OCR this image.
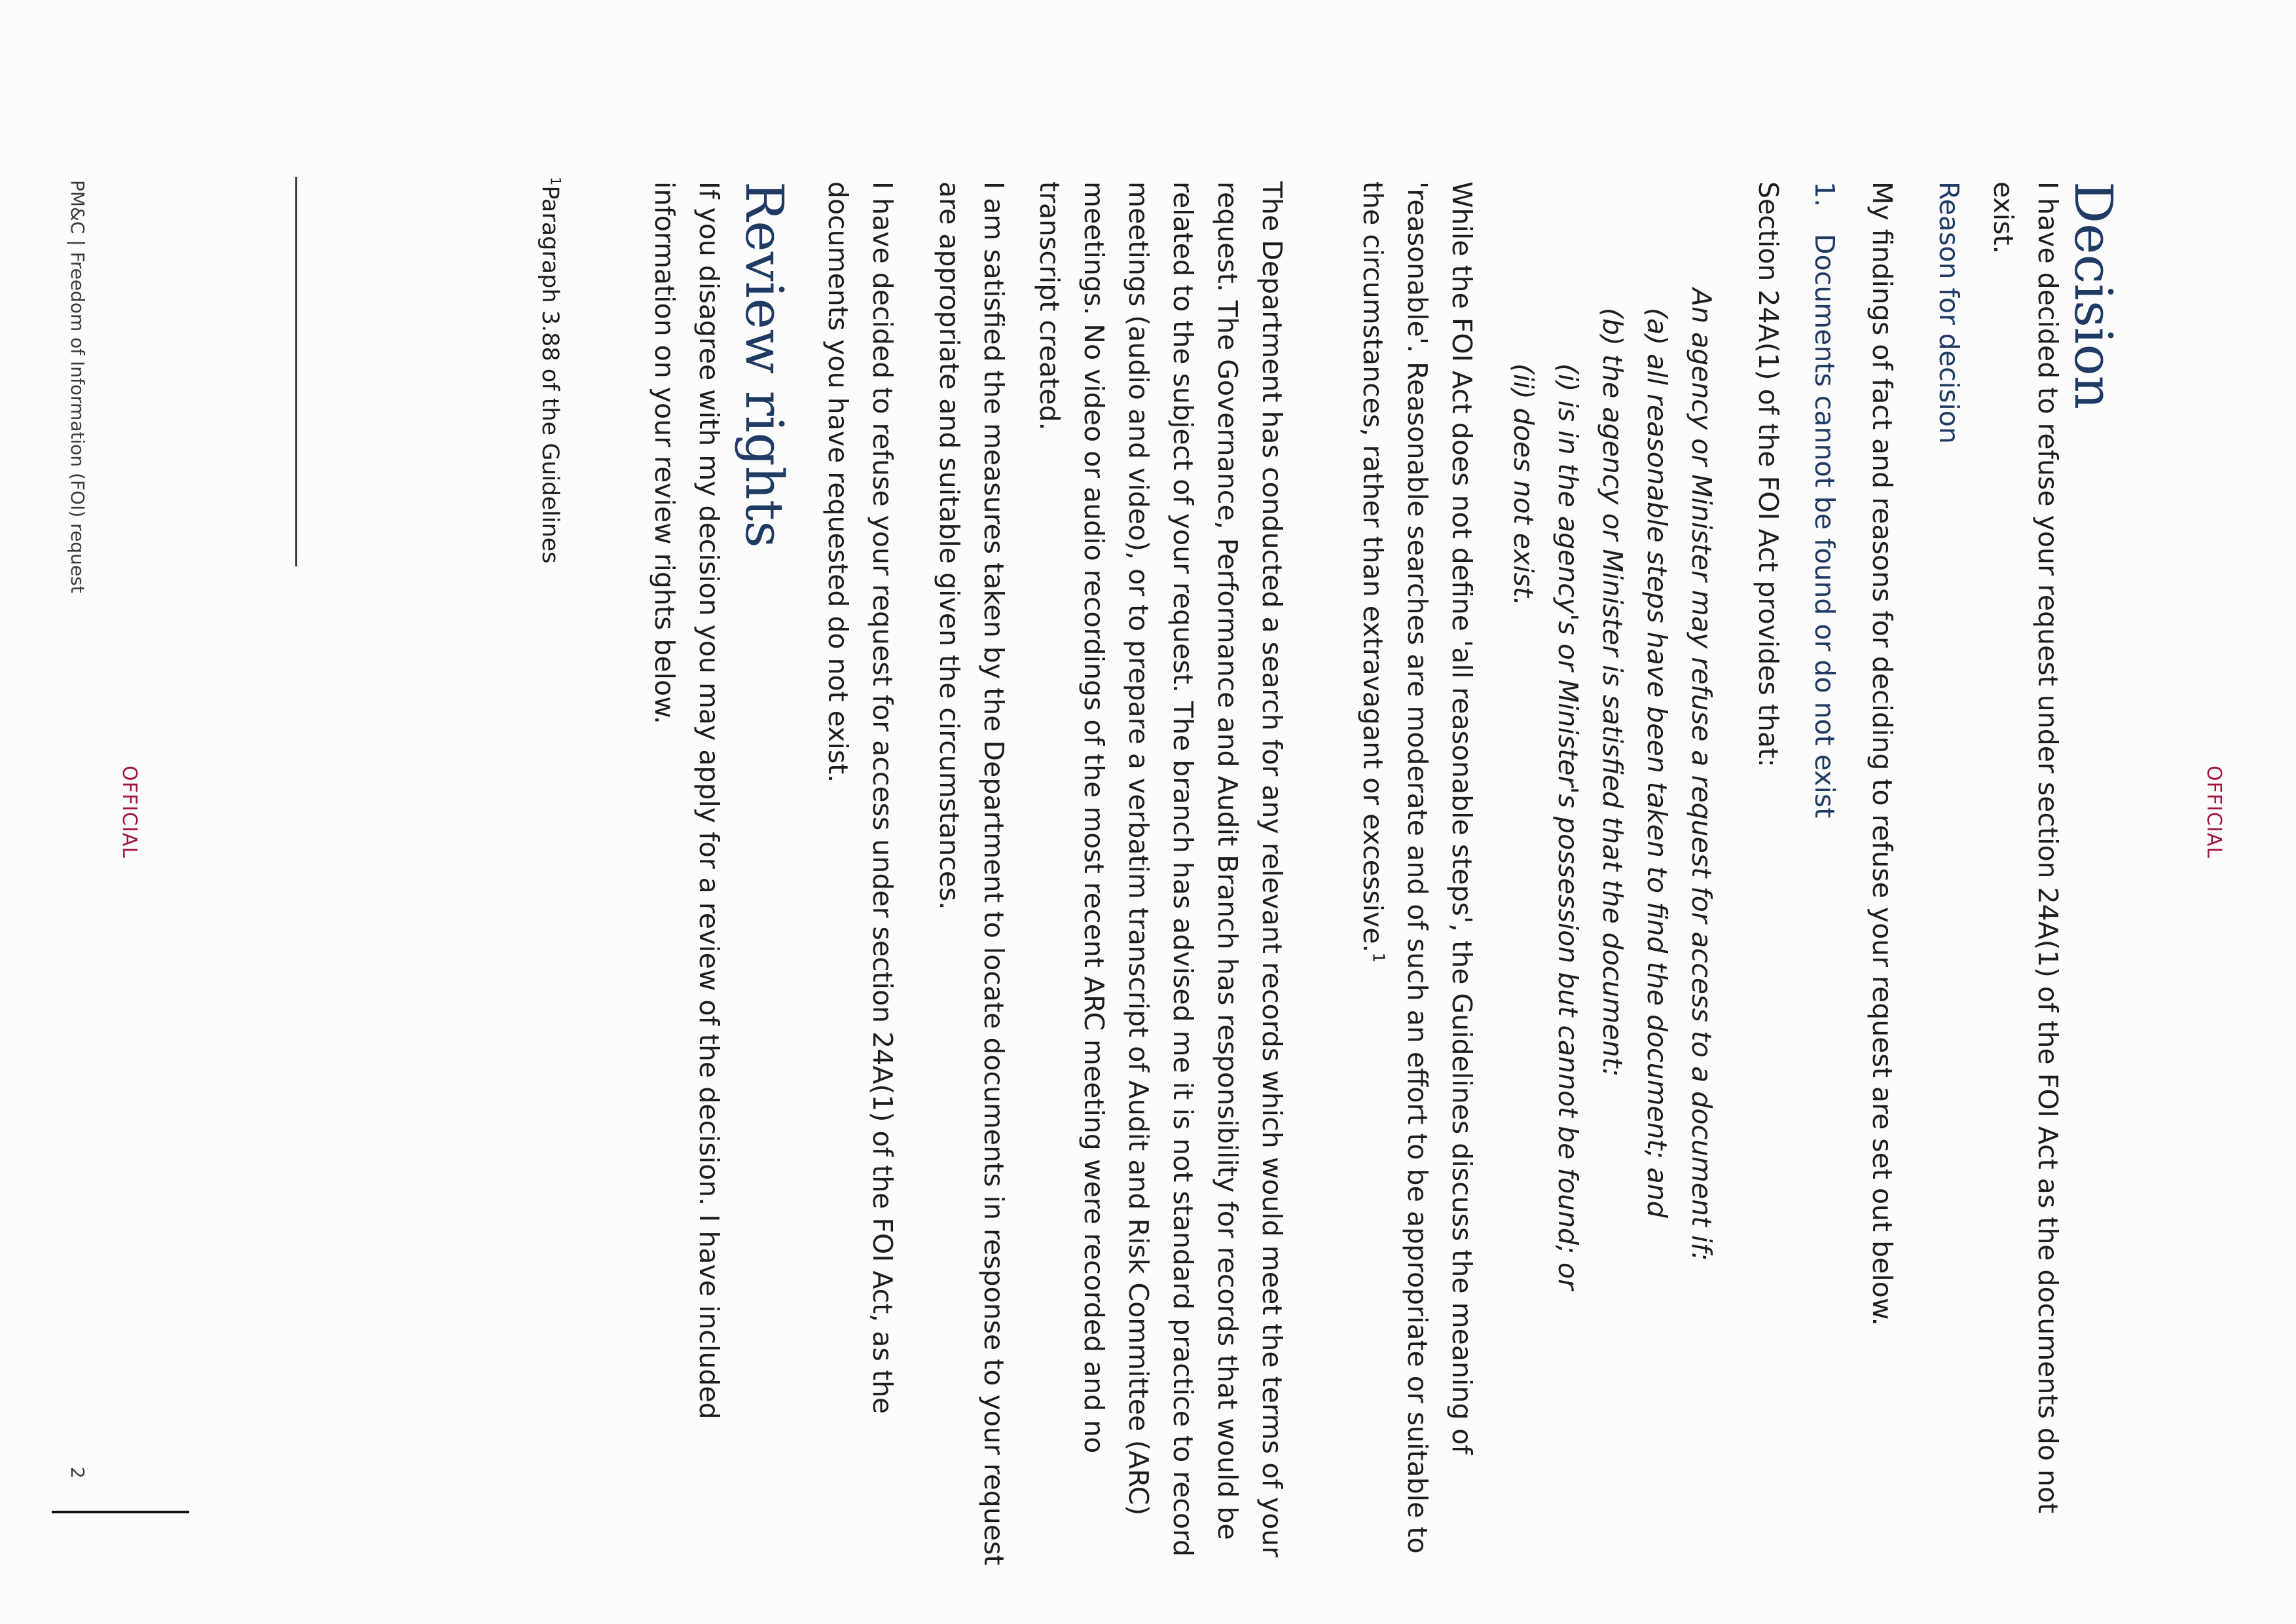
OFFICIAL
Decision
I have decided to refuse your request under section 24A(1) of the FOI Act as the documents do not
exist.
Reason for decision
My findings of fact and reasons for deciding to refuse your request are set out below.
1.Documents cannot be found or do not exist
Section 24A(1) of the FOI Act provides that:
An agency or Minister may refuse a request for access to a document if:
(a) all reasonable steps have been taken to find the document; and
(b) the agency or Minister is satisfied that the document:
(i) is in the agency's or Minister's possession but cannot be found; or
(ii) does not exist.
While the FOI Act does not define 'all reasonable steps', the Guidelines discuss the meaning of
'reasonable'. Reasonable searches are moderate and of such an effort to be appropriate or suitable to
the circumstances, rather than extravagant or excessive.$^1$
The Department has conducted a search for any relevant records which would meet the terms of your
request. The Governance, Performance and Audit Branch has responsibility for records that would be
related to the subject of your request. The branch has advised me it is not standard practice to record
meetings (audio and video), or to prepare a verbatim transcript of Audit and Risk Committee (ARC)
meetings. No video or audio recordings of the most recent ARC meeting were recorded and no
transcript created.
I am satisfied the measures taken by the Department to locate documents in response to your request
are appropriate and suitable given the circumstances.
I have decided to refuse your request for access under section 24A(1) of the FOI Act, as the
documents you have requested do not exist.
Review rights
If you disagree with my decision you may apply for a review of the decision. I have included
information on your review rights below.
$^1$Paragraph 3.88 of the Guidelines
OFFICIAL
PM&C | Freedom of Information (FOI) request
2
